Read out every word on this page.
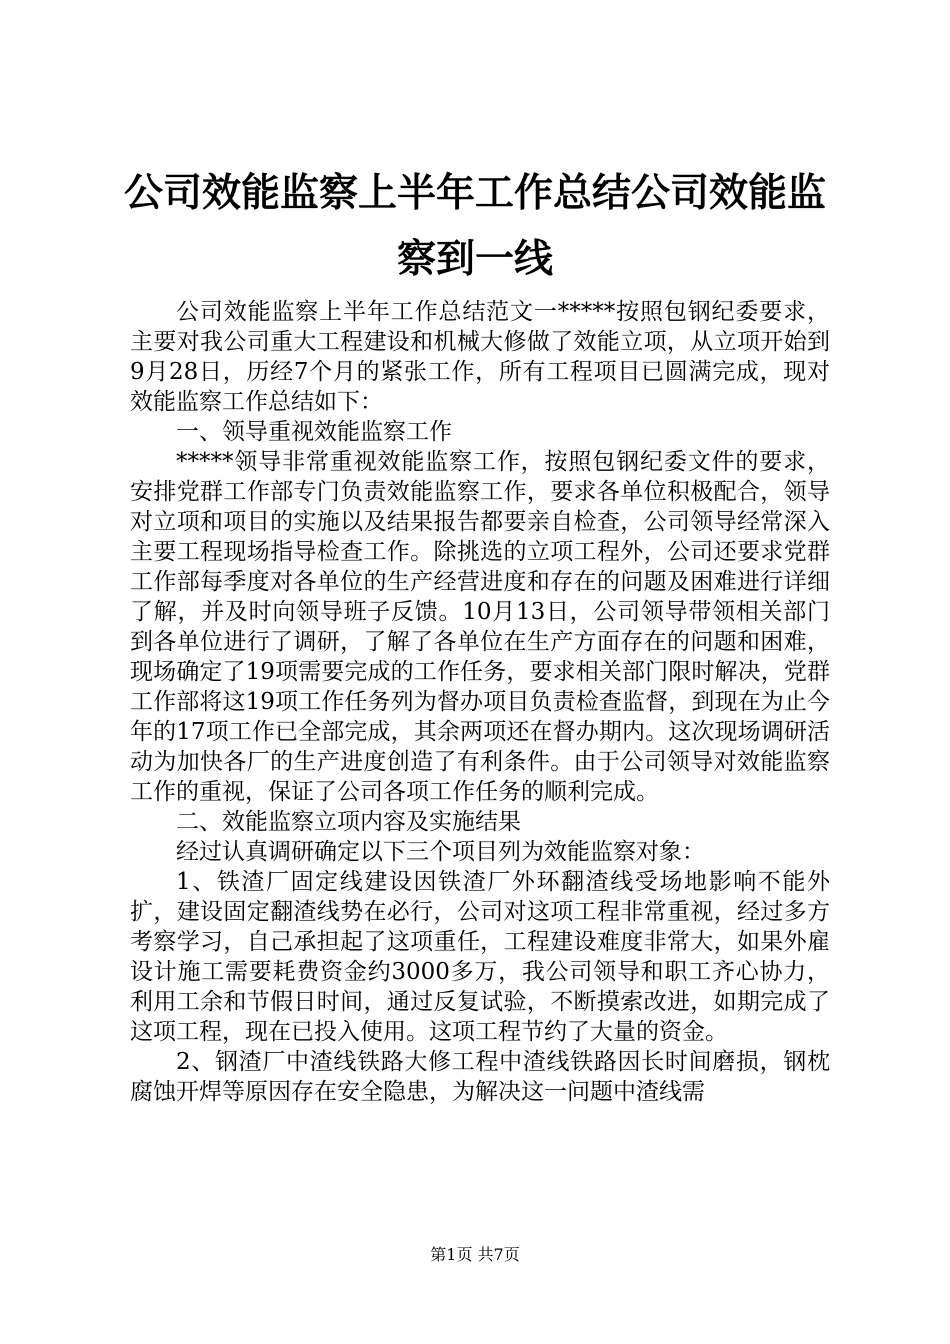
公司效能监察上半年工作总结公司效能监察到一线

公司效能监察上半年工作总结范文一*****按照包钢纪委要求，主要对我公司重大工程建设和机械大修做了效能立项，从立项开始到9月28日，历经7个月的紧张工作，所有工程项目已圆满完成，现对效能监察工作总结如下：

一、领导重视效能监察工作

*****领导非常重视效能监察工作，按照包钢纪委文件的要求，安排党群工作部专门负责效能监察工作，要求各单位积极配合，领导对立项和项目的实施以及结果报告都要亲自检查，公司领导经常深入主要工程现场指导检查工作。除挑选的立项工程外，公司还要求党群工作部每季度对各单位的生产经营进度和存在的问题及困难进行详细了解，并及时向领导班子反馈。10月13日，公司领导带领相关部门到各单位进行了调研，了解了各单位在生产方面存在的问题和困难，现场确定了19项需要完成的工作任务，要求相关部门限时解决，党群工作部将这19项工作任务列为督办项目负责检查监督，到现在为止今年的17项工作已全部完成，其余两项还在督办期内。这次现场调研活动为加快各厂的生产进度创造了有利条件。由于公司领导对效能监察工作的重视，保证了公司各项工作任务的顺利完成。

二、效能监察立项内容及实施结果

经过认真调研确定以下三个项目列为效能监察对象：

1、铁渣厂固定线建设因铁渣厂外环翻渣线受场地影响不能外扩，建设固定翻渣线势在必行，公司对这项工程非常重视，经过多方考察学习，自己承担起了这项重任，工程建设难度非常大，如果外雇设计施工需要耗费资金约3000多万，我公司领导和职工齐心协力，利用工余和节假日时间，通过反复试验，不断摸索改进，如期完成了这项工程，现在已投入使用。这项工程节约了大量的资金。

2、钢渣厂中渣线铁路大修工程中渣线铁路因长时间磨损，钢枕腐蚀开焊等原因存在安全隐患，为解决这一问题中渣线需

第1页 共7页
